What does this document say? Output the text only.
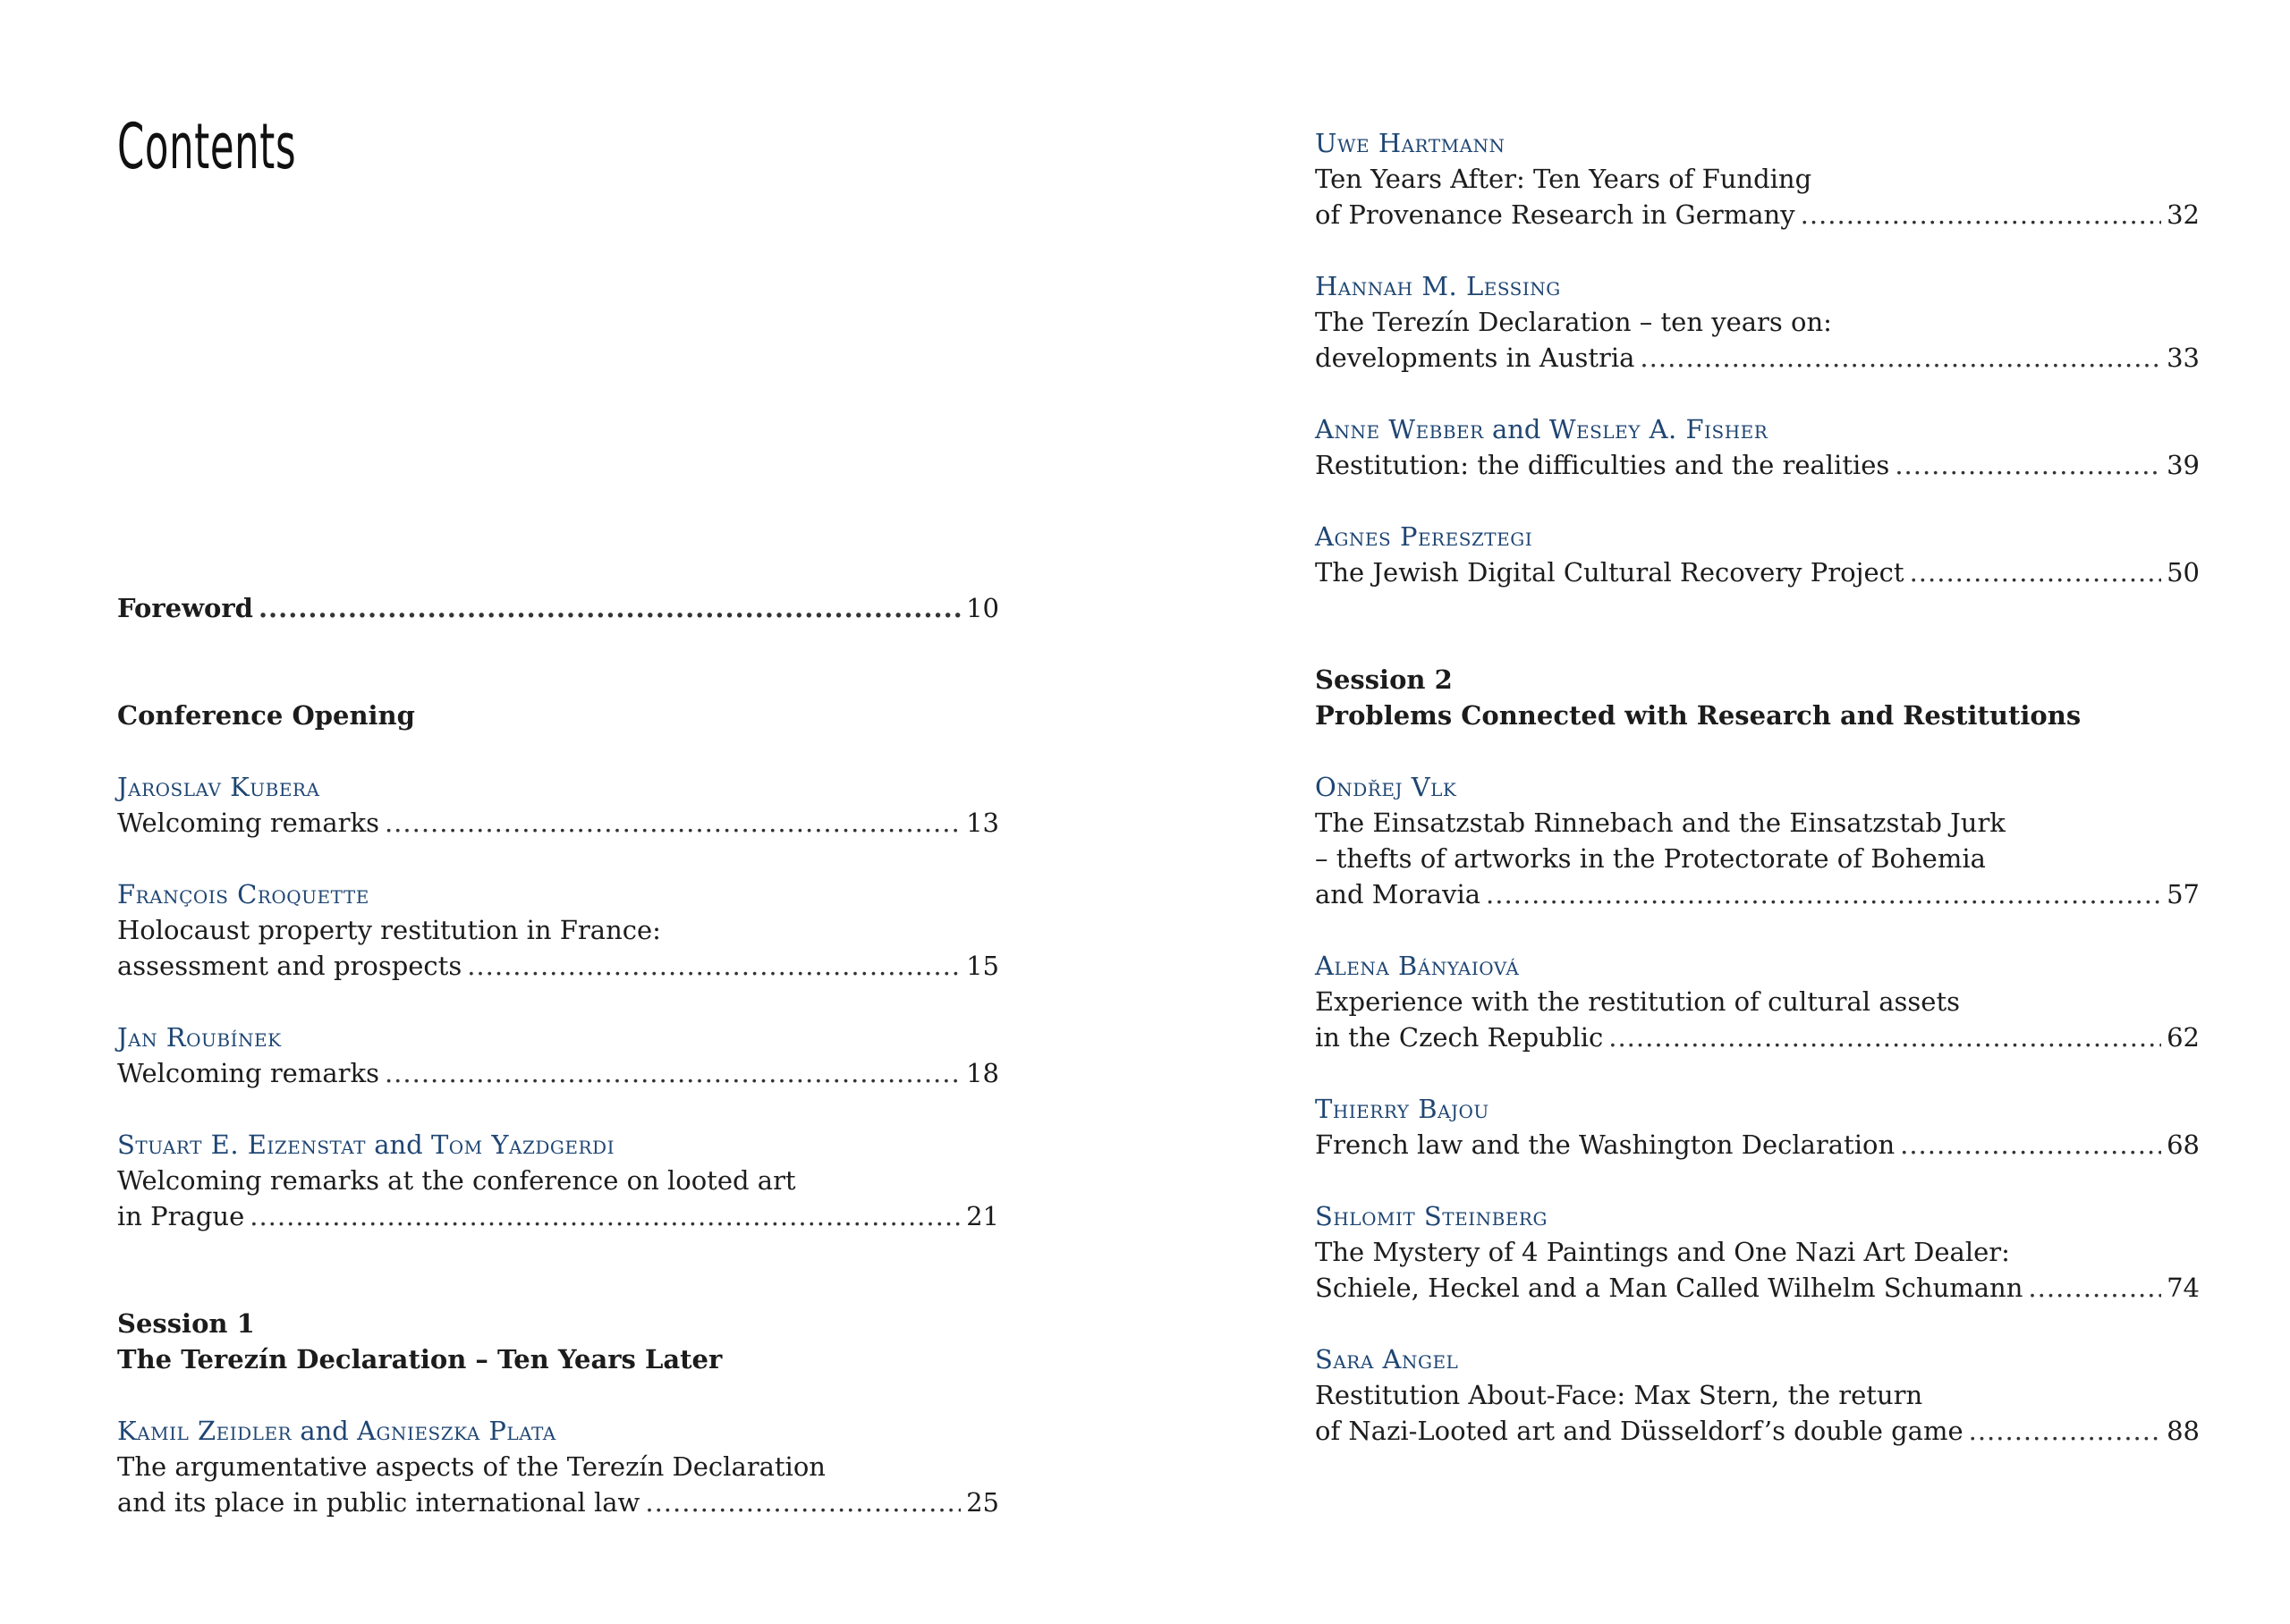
Contents
Foreword .....	10
Conference Opening
Jaroslav Kubera
Welcoming remarks .....	13
François Croquette
Holocaust property restitution in France:
assessment and prospects .....	15
Jan Roubínek
Welcoming remarks .....	18
Stuart E. Eizenstat and Tom Yazdgerdi
Welcoming remarks at the conference on looted art
in Prague .....	21
Session 1
The Terezín Declaration – Ten Years Later
Kamil Zeidler and Agnieszka Plata
The argumentative aspects of the Terezín Declaration
and its place in public international law .....	25
Uwe Hartmann
Ten Years After: Ten Years of Funding
of Provenance Research in Germany .....	32
Hannah M. Lessing
The Terezín Declaration – ten years on:
developments in Austria .....	33
Anne Webber and Wesley A. Fisher
Restitution: the difficulties and the realities .....	39
Agnes Peresztegi
The Jewish Digital Cultural Recovery Project .....	50
Session 2
Problems Connected with Research and Restitutions
Ondřej Vlk
The Einsatzstab Rinnebach and the Einsatzstab Jurk
– thefts of artworks in the Protectorate of Bohemia
and Moravia .....	57
Alena Bányaiová
Experience with the restitution of cultural assets
in the Czech Republic .....	62
Thierry Bajou
French law and the Washington Declaration .....	68
Shlomit Steinberg
The Mystery of 4 Paintings and One Nazi Art Dealer:
Schiele, Heckel and a Man Called Wilhelm Schumann .....	74
Sara Angel
Restitution About-Face: Max Stern, the return
of Nazi-Looted art and Düsseldorf’s double game .....	88
